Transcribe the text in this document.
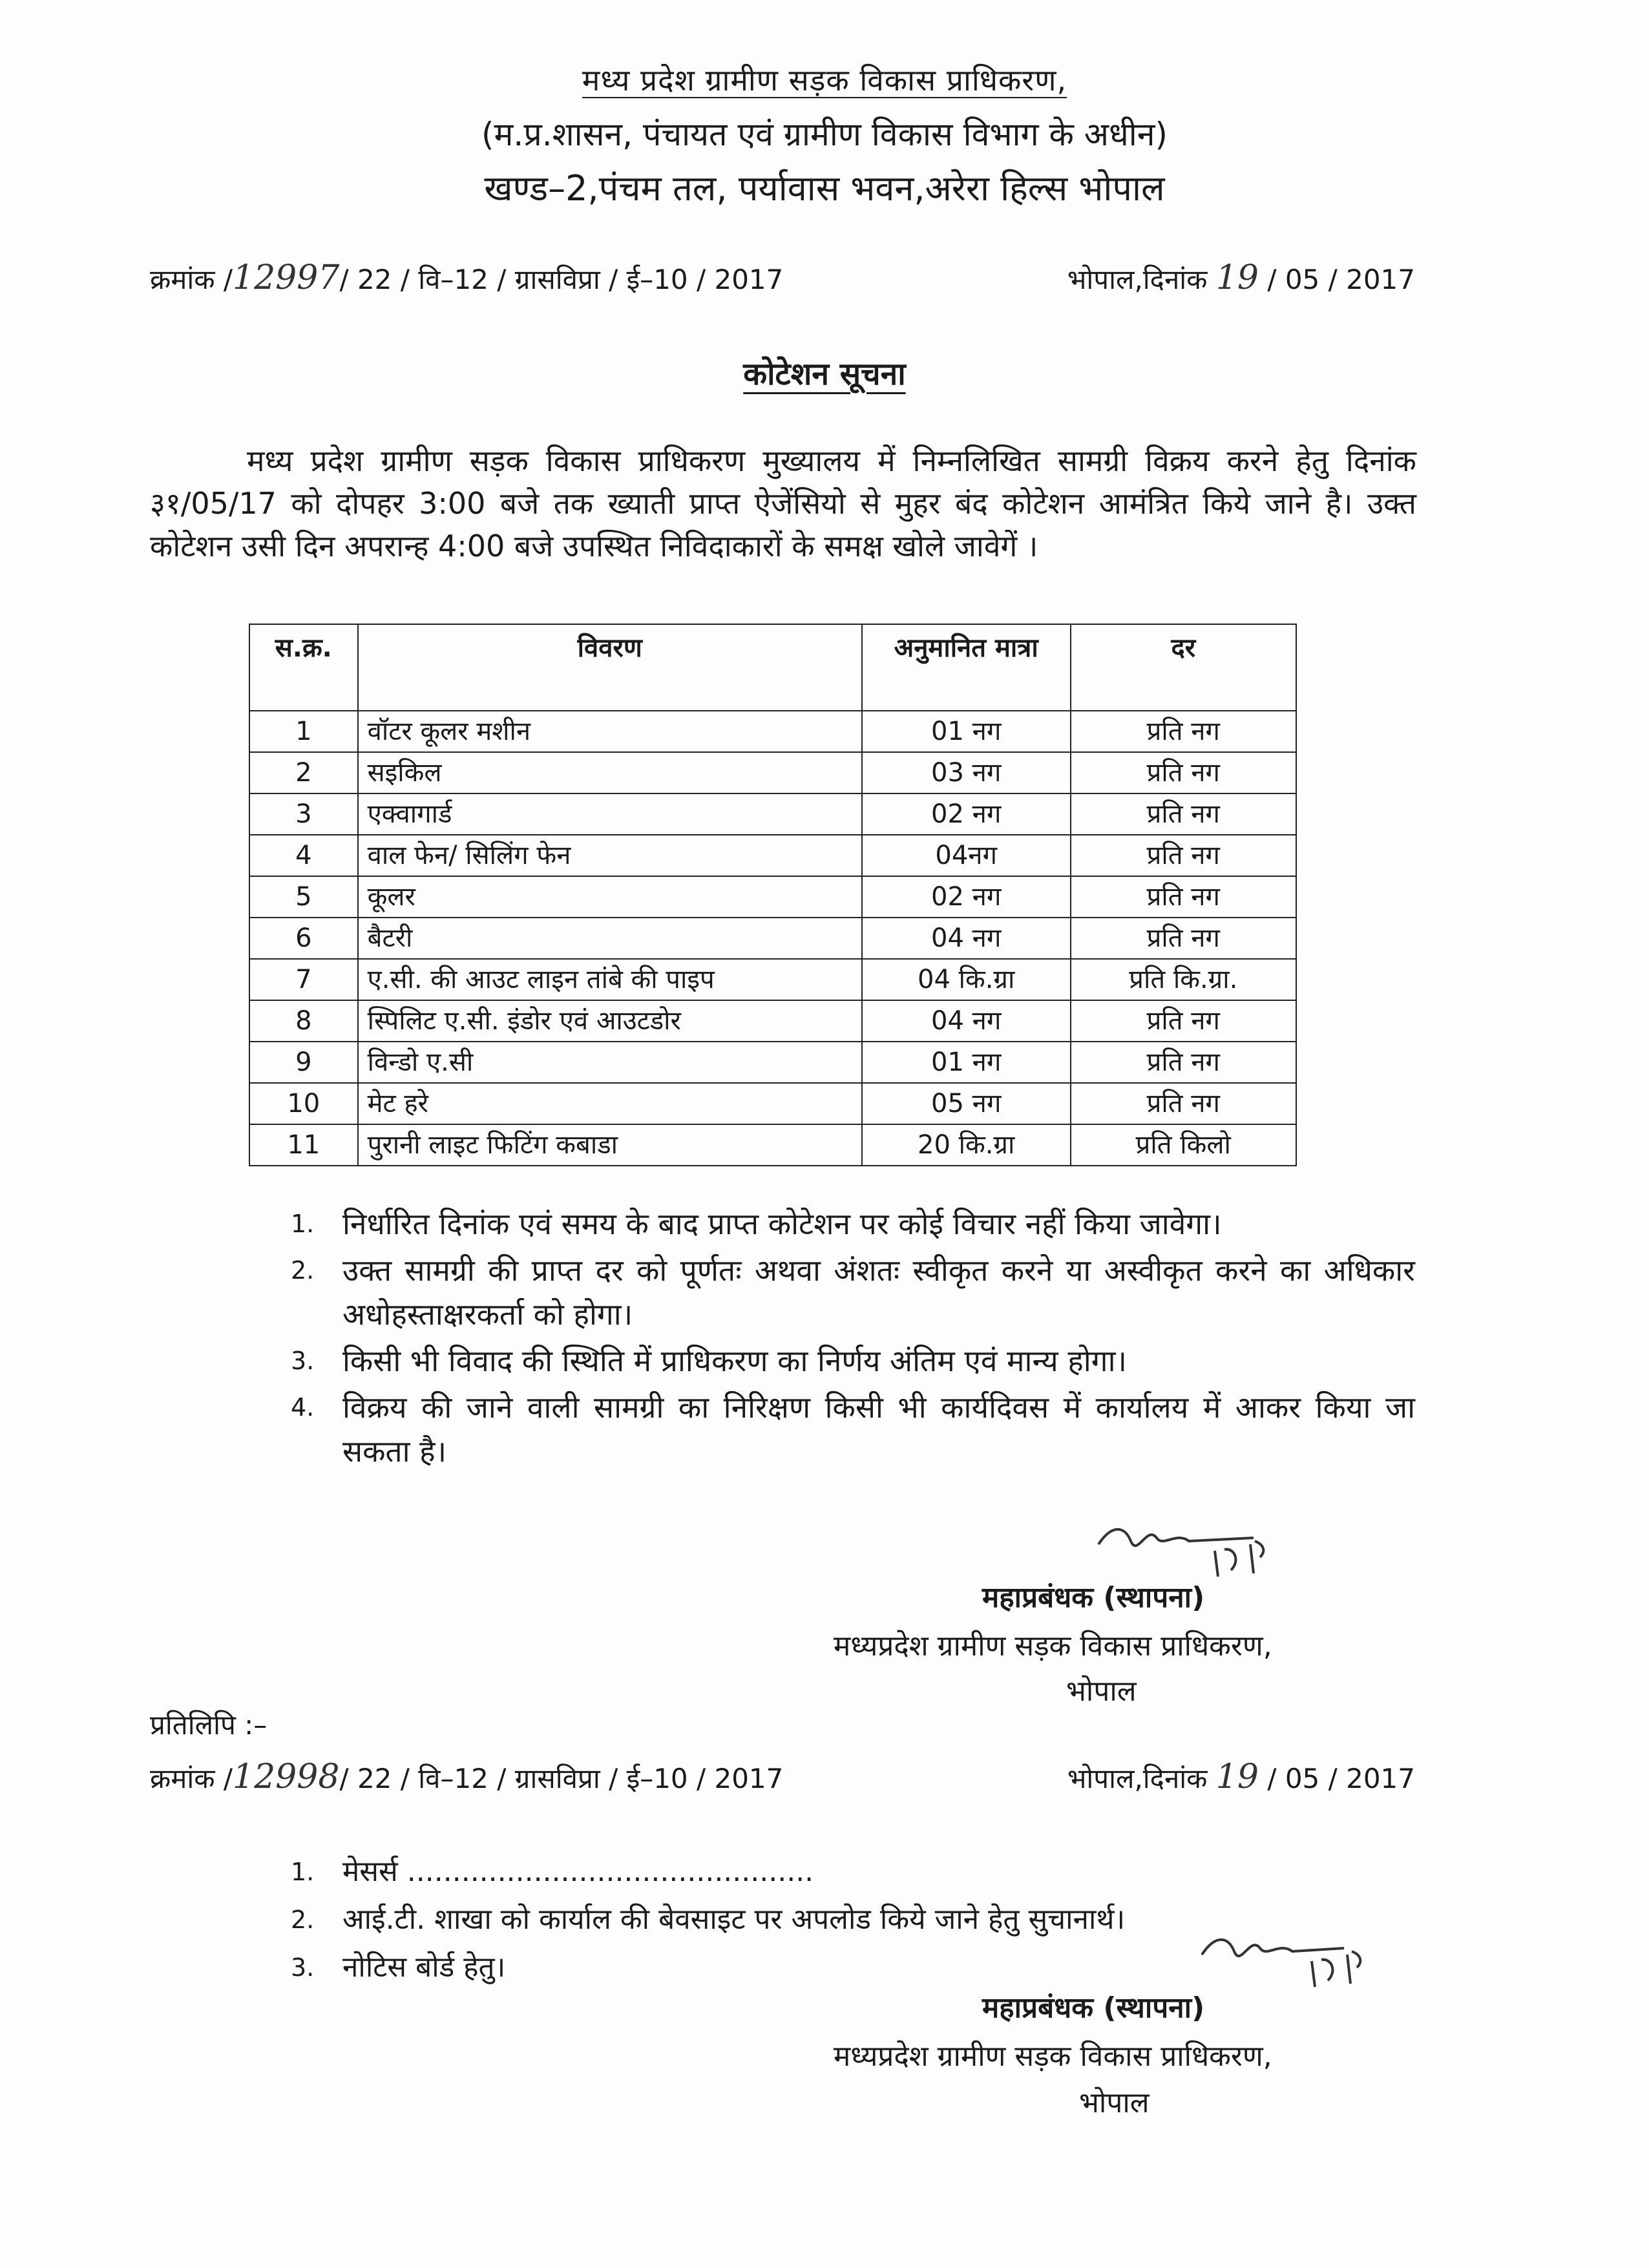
मध्य प्रदेश ग्रामीण सड़क विकास प्राधिकरण,
(म.प्र.शासन, पंचायत एवं ग्रामीण विकास विभाग के अधीन)
खण्ड–2,पंचम तल, पर्यावास भवन,अरेरा हिल्स भोपाल
क्रमांक /12997/ 22 / वि–12 / ग्रासविप्रा / ई–10 / 2017	भोपाल,दिनांक 19 / 05 / 2017
कोटेशन सूचना
मध्य प्रदेश ग्रामीण सड़क विकास प्राधिकरण मुख्यालय में निम्नलिखित सामग्री विक्रय करने हेतु दिनांक ३१/05/17 को दोपहर 3:00 बजे तक ख्याती प्राप्त ऐजेंसियो से मुहर बंद कोटेशन आमंत्रित किये जाने है। उक्त कोटेशन उसी दिन अपरान्ह 4:00 बजे उपस्थित निविदाकारों के समक्ष खोले जावेगें ।
स.क्र.	विवरण	अनुमानित मात्रा	दर
1	वॉटर कूलर मशीन	01 नग	प्रति नग
2	सइकिल	03 नग	प्रति नग
3	एक्वागार्ड	02 नग	प्रति नग
4	वाल फेन/ सिलिंग फेन	04नग	प्रति नग
5	कूलर	02 नग	प्रति नग
6	बैटरी	04 नग	प्रति नग
7	ए.सी. की आउट लाइन तांबे की पाइप	04 कि.ग्रा	प्रति कि.ग्रा.
8	स्पिलिट ए.सी. इंडोर एवं आउटडोर	04 नग	प्रति नग
9	विन्डो ए.सी	01 नग	प्रति नग
10	मेट हरे	05 नग	प्रति नग
11	पुरानी लाइट फिटिंग कबाडा	20 कि.ग्रा	प्रति किलो
1. निर्धारित दिनांक एवं समय के बाद प्राप्त कोटेशन पर कोई विचार नहीं किया जावेगा।
2. उक्त सामग्री की प्राप्त दर को पूर्णतः अथवा अंशतः स्वीकृत करने या अस्वीकृत करने का अधिकार अधोहस्ताक्षरकर्ता को होगा।
3. किसी भी विवाद की स्थिति में प्राधिकरण का निर्णय अंतिम एवं मान्य होगा।
4. विक्रय की जाने वाली सामग्री का निरिक्षण किसी भी कार्यदिवस में कार्यालय में आकर किया जा सकता है।
महाप्रबंधक (स्थापना)
मध्यप्रदेश ग्रामीण सड़क विकास प्राधिकरण,
भोपाल
प्रतिलिपि :–
क्रमांक /12998/ 22 / वि–12 / ग्रासविप्रा / ई–10 / 2017	भोपाल,दिनांक 19 / 05 / 2017
1. मेसर्स .............................................
2. आई.टी. शाखा को कार्याल की बेवसाइट पर अपलोड किये जाने हेतु सुचानार्थ।
3. नोटिस बोर्ड हेतु।
महाप्रबंधक (स्थापना)
मध्यप्रदेश ग्रामीण सड़क विकास प्राधिकरण,
भोपाल
